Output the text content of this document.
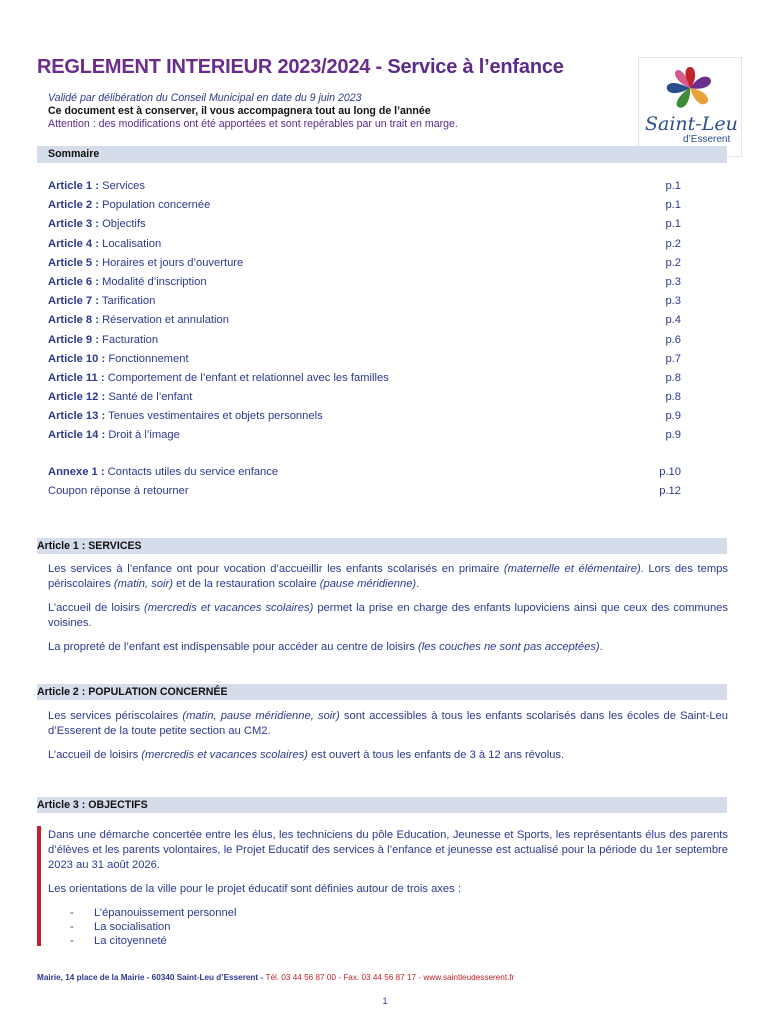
REGLEMENT INTERIEUR 2023/2024 - Service à l’enfance
Validé par délibération du Conseil Municipal en date du 9 juin 2023
Ce document est à conserver, il vous accompagnera tout au long de l’année
Attention : des modifications ont été apportées et sont repérables par un trait en marge.	Saint-Leu
d’Esserent
Sommaire
Article 1 : Services	p.1
Article 2 : Population concernée	p.1
Article 3 : Objectifs	p.1
Article 4 : Localisation	p.2
Article 5 : Horaires et jours d’ouverture	p.2
Article 6 : Modalité d’inscription	p.3
Article 7 : Tarification	p.3
Article 8 : Réservation et annulation	p.4
Article 9 : Facturation	p.6
Article 10 : Fonctionnement	p.7
Article 11 : Comportement de l’enfant et relationnel avec les familles	p.8
Article 12 : Santé de l’enfant	p.8
Article 13 : Tenues vestimentaires et objets personnels	p.9
Article 14 : Droit à l’image	p.9
Annexe 1 : Contacts utiles du service enfance	p.10
Coupon réponse à retourner	p.12
Article 1 : SERVICES
Les services à l’enfance ont pour vocation d’accueillir les enfants scolarisés en primaire (maternelle et élémentaire). Lors des temps périscolaires (matin, soir) et de la restauration scolaire (pause méridienne).
L’accueil de loisirs (mercredis et vacances scolaires) permet la prise en charge des enfants lupoviciens ainsi que ceux des communes voisines.
La propreté de l’enfant est indispensable pour accéder au centre de loisirs (les couches ne sont pas acceptées).
Article 2 : POPULATION CONCERNÉE
Les services périscolaires (matin, pause méridienne, soir) sont accessibles à tous les enfants scolarisés dans les écoles de Saint-Leu d’Esserent de la toute petite section au CM2.
L’accueil de loisirs (mercredis et vacances scolaires) est ouvert à tous les enfants de 3 à 12 ans révolus.
Article 3 : OBJECTIFS
Dans une démarche concertée entre les élus, les techniciens du pôle Education, Jeunesse et Sports, les représentants élus des parents d’élèves et les parents volontaires, le Projet Educatif des services à l’enfance et jeunesse est actualisé pour la période du 1er septembre 2023 au 31 août 2026.
Les orientations de la ville pour le projet éducatif sont définies autour de trois axes :
- L’épanouissement personnel
- La socialisation
- La citoyenneté
Mairie, 14 place de la Mairie - 60340 Saint-Leu d’Esserent - Tél. 03 44 56 87 00 - Fax. 03 44 56 87 17 - www.saintleudesserent.fr
1
